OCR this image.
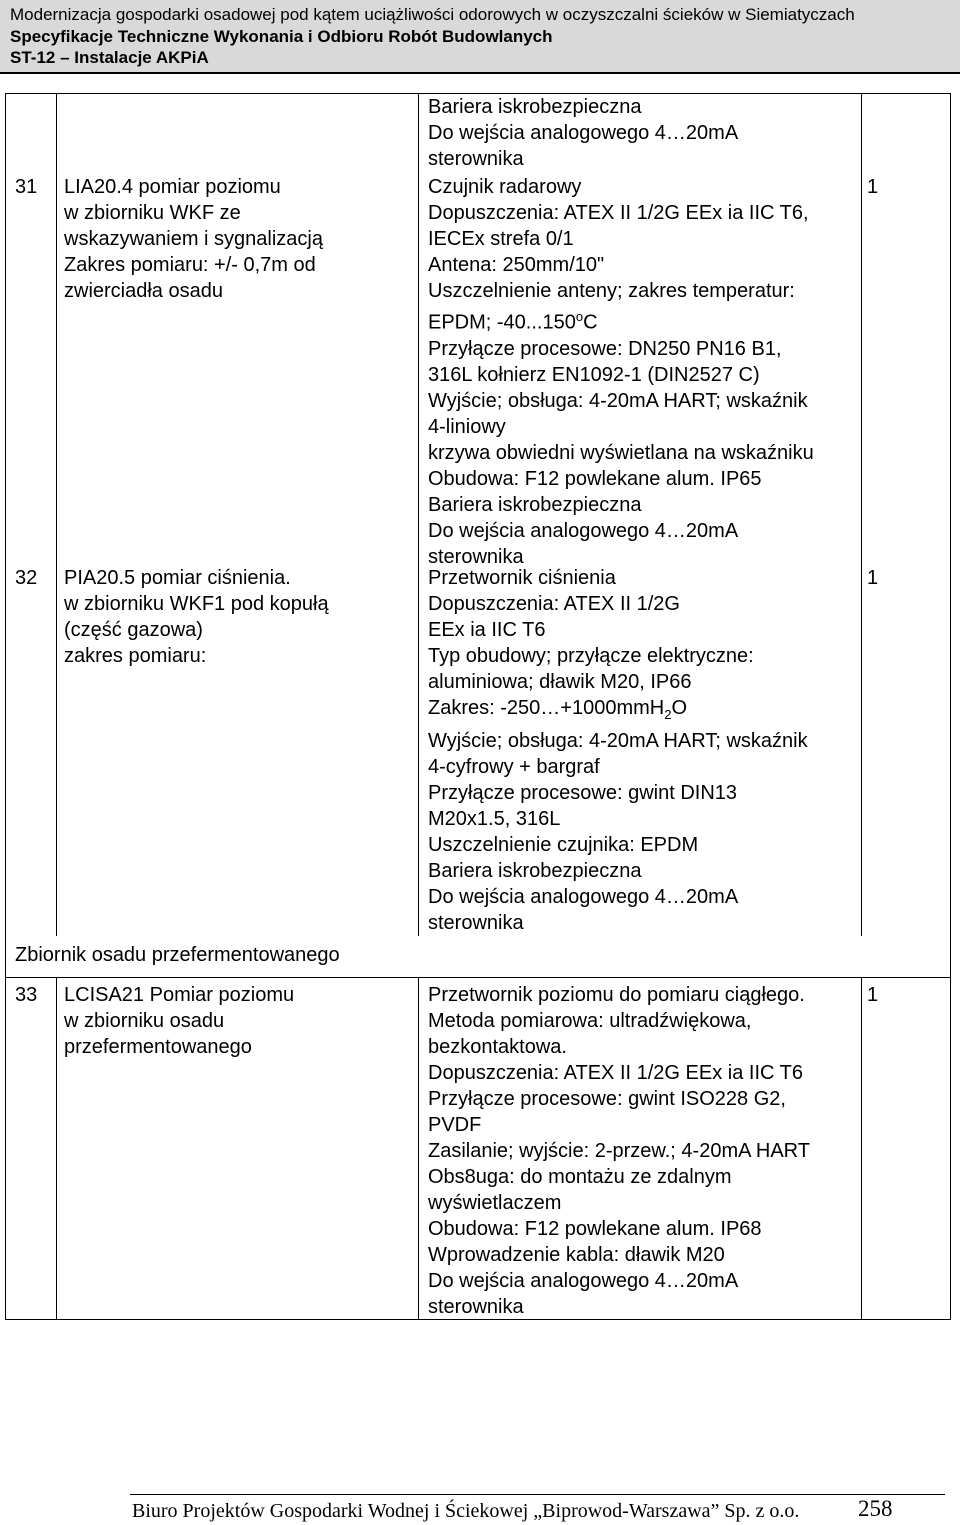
Modernizacja gospodarki osadowej pod kątem uciążliwości odorowych w oczyszczalni ścieków w Siemiatyczach
Specyfikacje Techniczne Wykonania i Odbioru Robót Budowlanych
ST-12 – Instalacje AKPiA
Bariera iskrobezpieczna
Do wejścia analogowego 4…20mA
sterownika
31 LIA20.4 pomiar poziomu
w zbiorniku WKF ze
wskazywaniem i sygnalizacją
Zakres pomiaru: +/- 0,7m od
zwierciadła osadu
Czujnik radarowy
Dopuszczenia: ATEX II 1/2G EEx ia IIC T6,
IECEx strefa 0/1
Antena: 250mm/10"
Uszczelnienie anteny; zakres temperatur:
EPDM; -40...150$^o$C
Przyłącze procesowe: DN250 PN16 B1,
316L kołnierz EN1092-1 (DIN2527 C)
Wyjście; obsługa: 4-20mA HART; wskaźnik
4-liniowy
krzywa obwiedni wyświetlana na wskaźniku
Obudowa: F12 powlekane alum. IP65
Bariera iskrobezpieczna
Do wejścia analogowego 4…20mA
sterownika
1
32 PIA20.5 pomiar ciśnienia.
w zbiorniku WKF1 pod kopułą
(część gazowa)
zakres pomiaru:
Przetwornik ciśnienia
Dopuszczenia: ATEX II 1/2G
EEx ia IIC T6
Typ obudowy; przyłącze elektryczne:
aluminiowa; dławik M20, IP66
Zakres: -250…+1000mmH$_2$O
Wyjście; obsługa: 4-20mA HART; wskaźnik
4-cyfrowy + bargraf
Przyłącze procesowe: gwint DIN13
M20x1.5, 316L
Uszczelnienie czujnika: EPDM
Bariera iskrobezpieczna
Do wejścia analogowego 4…20mA
sterownika
1
Zbiornik osadu przefermentowanego
33 LCISA21 Pomiar poziomu
w zbiorniku osadu
przefermentowanego
Przetwornik poziomu do pomiaru ciągłego.
Metoda pomiarowa: ultradźwiękowa,
bezkontaktowa.
Dopuszczenia: ATEX II 1/2G EEx ia IIC T6
Przyłącze procesowe: gwint ISO228 G2,
PVDF
Zasilanie; wyjście: 2-przew.; 4-20mA HART
Obs8uga: do montażu ze zdalnym
wyświetlaczem
Obudowa: F12 powlekane alum. IP68
Wprowadzenie kabla: dławik M20
Do wejścia analogowego 4…20mA
sterownika
1
Biuro Projektów Gospodarki Wodnej i Ściekowej „Biprowod-Warszawa” Sp. z o.o.	258
